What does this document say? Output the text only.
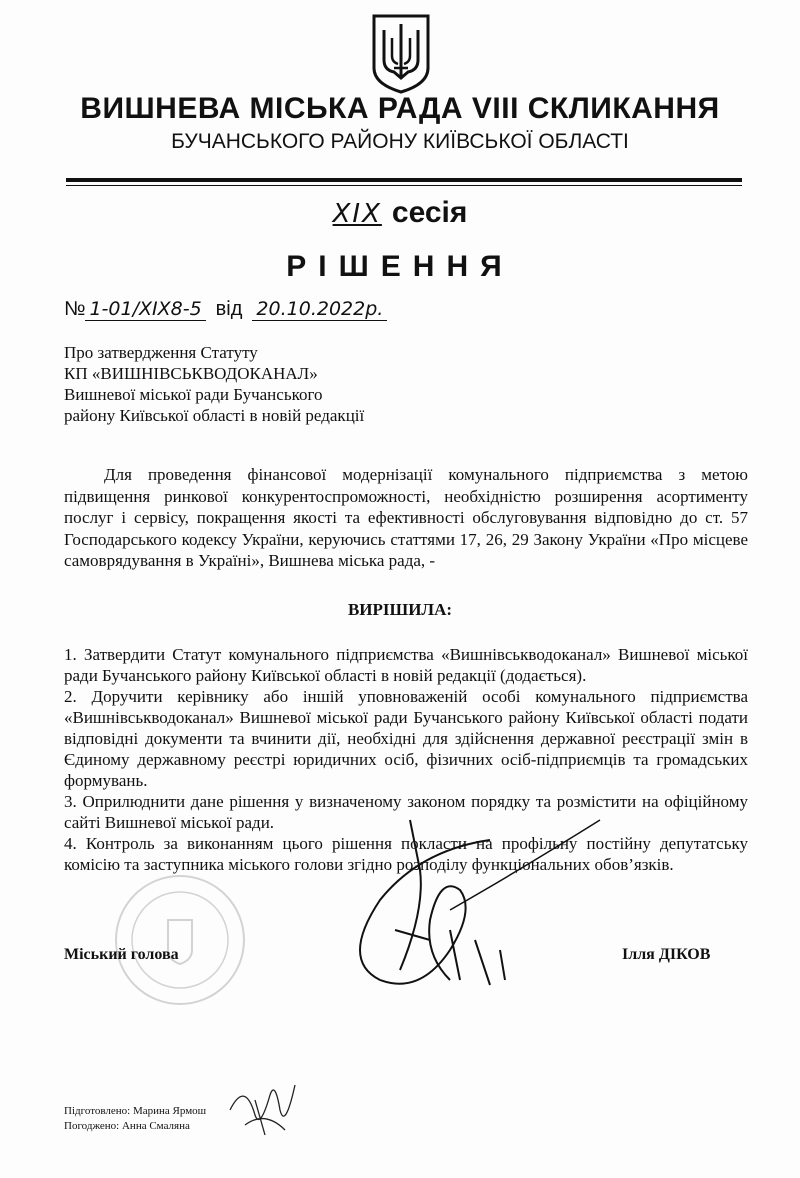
ВИШНЕВА МІСЬКА РАДА VIII СКЛИКАННЯ
БУЧАНСЬКОГО РАЙОНУ КИЇВСЬКОЇ ОБЛАСТІ
XIX сесія
РІШЕННЯ
№ 1-01/XIX8-5 від 20.10.2022р.
Про затвердження Статуту
КП «ВИШНІВСЬКВОДОКАНАЛ»
Вишневої міської ради Бучанського
району Київської області в новій редакції
Для проведення фінансової модернізації комунального підприємства з метою підвищення ринкової конкурентоспроможності, необхідністю розширення асортименту послуг і сервісу, покращення якості та ефективності обслуговування відповідно до ст. 57 Господарського кодексу України, керуючись статтями 17, 26, 29 Закону України «Про місцеве самоврядування в Україні», Вишнева міська рада, -
ВИРІШИЛА:

1. Затвердити Статут комунального підприємства «Вишнівськводоканал» Вишневої міської ради Бучанського району Київської області в новій редакції (додається).

2. Доручити керівнику або іншій уповноваженій особі комунального підприємства «Вишнівськводоканал» Вишневої міської ради Бучанського району Київської області подати відповідні документи та вчинити дії, необхідні для здійснення державної реєстрації змін в Єдиному державному реєстрі юридичних осіб, фізичних осіб-підприємців та громадських формувань.

3. Оприлюднити дане рішення у визначеному законом порядку та розмістити на офіційному сайті Вишневої міської ради.

4. Контроль за виконанням цього рішення покласти на профільну постійну депутатську комісію та заступника міського голови згідно розподілу функціональних обов’язків.

Міський голова	Ілля ДІКОВ
Підготовлено: Марина Ярмош
Погоджено: Анна Смаляна
